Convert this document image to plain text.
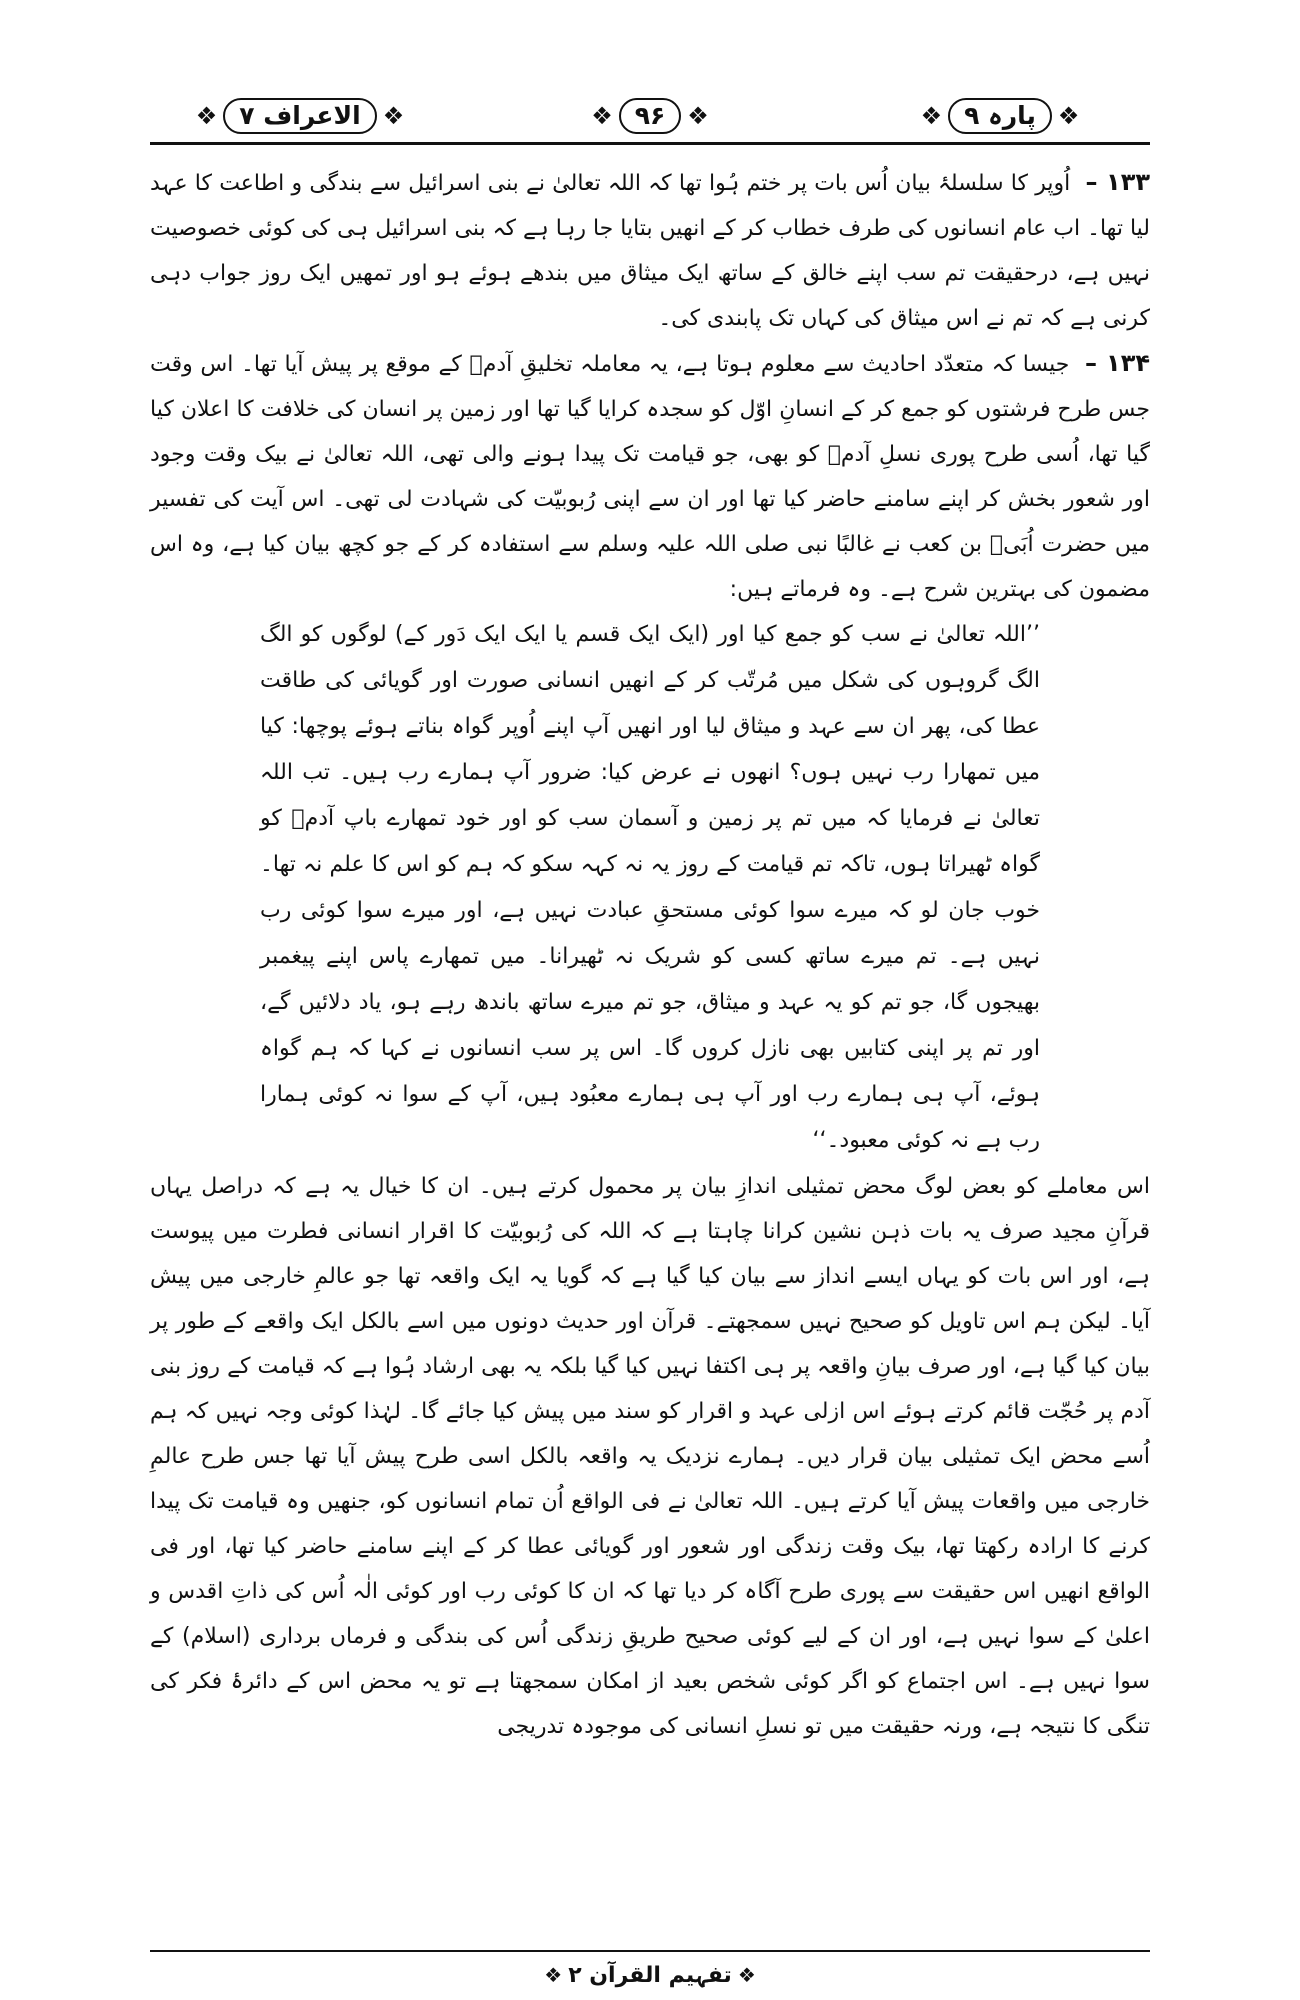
❖
پارہ ۹
❖
❖
۹۶
❖
❖
الاعراف ۷
❖

۱۳۳ – اُوپر کا سلسلۂ بیان اُس بات پر ختم ہُوا تھا کہ اللہ تعالیٰ نے بنی اسرائیل سے بندگی و اطاعت کا عہد لیا تھا۔ اب عام انسانوں کی طرف خطاب کر کے انھیں بتایا جا رہا ہے کہ بنی اسرائیل ہی کی کوئی خصوصیت نہیں ہے، درحقیقت تم سب اپنے خالق کے ساتھ ایک میثاق میں بندھے ہوئے ہو اور تمھیں ایک روز جواب دہی کرنی ہے کہ تم نے اس میثاق کی کہاں تک پابندی کی۔

۱۳۴ – جیسا کہ متعدّد احادیث سے معلوم ہوتا ہے، یہ معاملہ تخلیقِ آدمؑ کے موقع پر پیش آیا تھا۔ اس وقت جس طرح فرشتوں کو جمع کر کے انسانِ اوّل کو سجدہ کرایا گیا تھا اور زمین پر انسان کی خلافت کا اعلان کیا گیا تھا، اُسی طرح پوری نسلِ آدمؑ کو بھی، جو قیامت تک پیدا ہونے والی تھی، اللہ تعالیٰ نے بیک وقت وجود اور شعور بخش کر اپنے سامنے حاضر کیا تھا اور ان سے اپنی رُبوبیّت کی شہادت لی تھی۔ اس آیت کی تفسیر میں حضرت اُبَیؓ بن کعب نے غالبًا نبی صلی اللہ علیہ وسلم سے استفادہ کر کے جو کچھ بیان کیا ہے، وہ اس مضمون کی بہترین شرح ہے۔ وہ فرماتے ہیں:

’’اللہ تعالیٰ نے سب کو جمع کیا اور (ایک ایک قسم یا ایک ایک دَور کے) لوگوں کو الگ الگ گروہوں کی شکل میں مُرتّب کر کے انھیں انسانی صورت اور گویائی کی طاقت عطا کی، پھر ان سے عہد و میثاق لیا اور انھیں آپ اپنے اُوپر گواہ بناتے ہوئے پوچھا: کیا میں تمھارا رب نہیں ہوں؟ انھوں نے عرض کیا: ضرور آپ ہمارے رب ہیں۔ تب اللہ تعالیٰ نے فرمایا کہ میں تم پر زمین و آسمان سب کو اور خود تمھارے باپ آدمؑ کو گواہ ٹھیراتا ہوں، تاکہ تم قیامت کے روز یہ نہ کہہ سکو کہ ہم کو اس کا علم نہ تھا۔ خوب جان لو کہ میرے سوا کوئی مستحقِ عبادت نہیں ہے، اور میرے سوا کوئی رب نہیں ہے۔ تم میرے ساتھ کسی کو شریک نہ ٹھیرانا۔ میں تمھارے پاس اپنے پیغمبر بھیجوں گا، جو تم کو یہ عہد و میثاق، جو تم میرے ساتھ باندھ رہے ہو، یاد دلائیں گے، اور تم پر اپنی کتابیں بھی نازل کروں گا۔ اس پر سب انسانوں نے کہا کہ ہم گواہ ہوئے، آپ ہی ہمارے رب اور آپ ہی ہمارے معبُود ہیں، آپ کے سوا نہ کوئی ہمارا رب ہے نہ کوئی معبود۔‘‘

اس معاملے کو بعض لوگ محض تمثیلی اندازِ بیان پر محمول کرتے ہیں۔ ان کا خیال یہ ہے کہ دراصل یہاں قرآنِ مجید صرف یہ بات ذہن نشین کرانا چاہتا ہے کہ اللہ کی رُبوبیّت کا اقرار انسانی فطرت میں پیوست ہے، اور اس بات کو یہاں ایسے انداز سے بیان کیا گیا ہے کہ گویا یہ ایک واقعہ تھا جو عالمِ خارجی میں پیش آیا۔ لیکن ہم اس تاویل کو صحیح نہیں سمجھتے۔ قرآن اور حدیث دونوں میں اسے بالکل ایک واقعے کے طور پر بیان کیا گیا ہے، اور صرف بیانِ واقعہ پر ہی اکتفا نہیں کیا گیا بلکہ یہ بھی ارشاد ہُوا ہے کہ قیامت کے روز بنی آدم پر حُجّت قائم کرتے ہوئے اس ازلی عہد و اقرار کو سند میں پیش کیا جائے گا۔ لہٰذا کوئی وجہ نہیں کہ ہم اُسے محض ایک تمثیلی بیان قرار دیں۔ ہمارے نزدیک یہ واقعہ بالکل اسی طرح پیش آیا تھا جس طرح عالمِ خارجی میں واقعات پیش آیا کرتے ہیں۔ اللہ تعالیٰ نے فی الواقع اُن تمام انسانوں کو، جنھیں وہ قیامت تک پیدا کرنے کا ارادہ رکھتا تھا، بیک وقت زندگی اور شعور اور گویائی عطا کر کے اپنے سامنے حاضر کیا تھا، اور فی الواقع انھیں اس حقیقت سے پوری طرح آگاہ کر دیا تھا کہ ان کا کوئی رب اور کوئی الٰہ اُس کی ذاتِ اقدس و اعلیٰ کے سوا نہیں ہے، اور ان کے لیے کوئی صحیح طریقِ زندگی اُس کی بندگی و فرماں برداری (اسلام) کے سوا نہیں ہے۔ اس اجتماع کو اگر کوئی شخص بعید از امکان سمجھتا ہے تو یہ محض اس کے دائرۂ فکر کی تنگی کا نتیجہ ہے، ورنہ حقیقت میں تو نسلِ انسانی کی موجودہ تدریجی

❖
تفہیم القرآن ۲
❖
